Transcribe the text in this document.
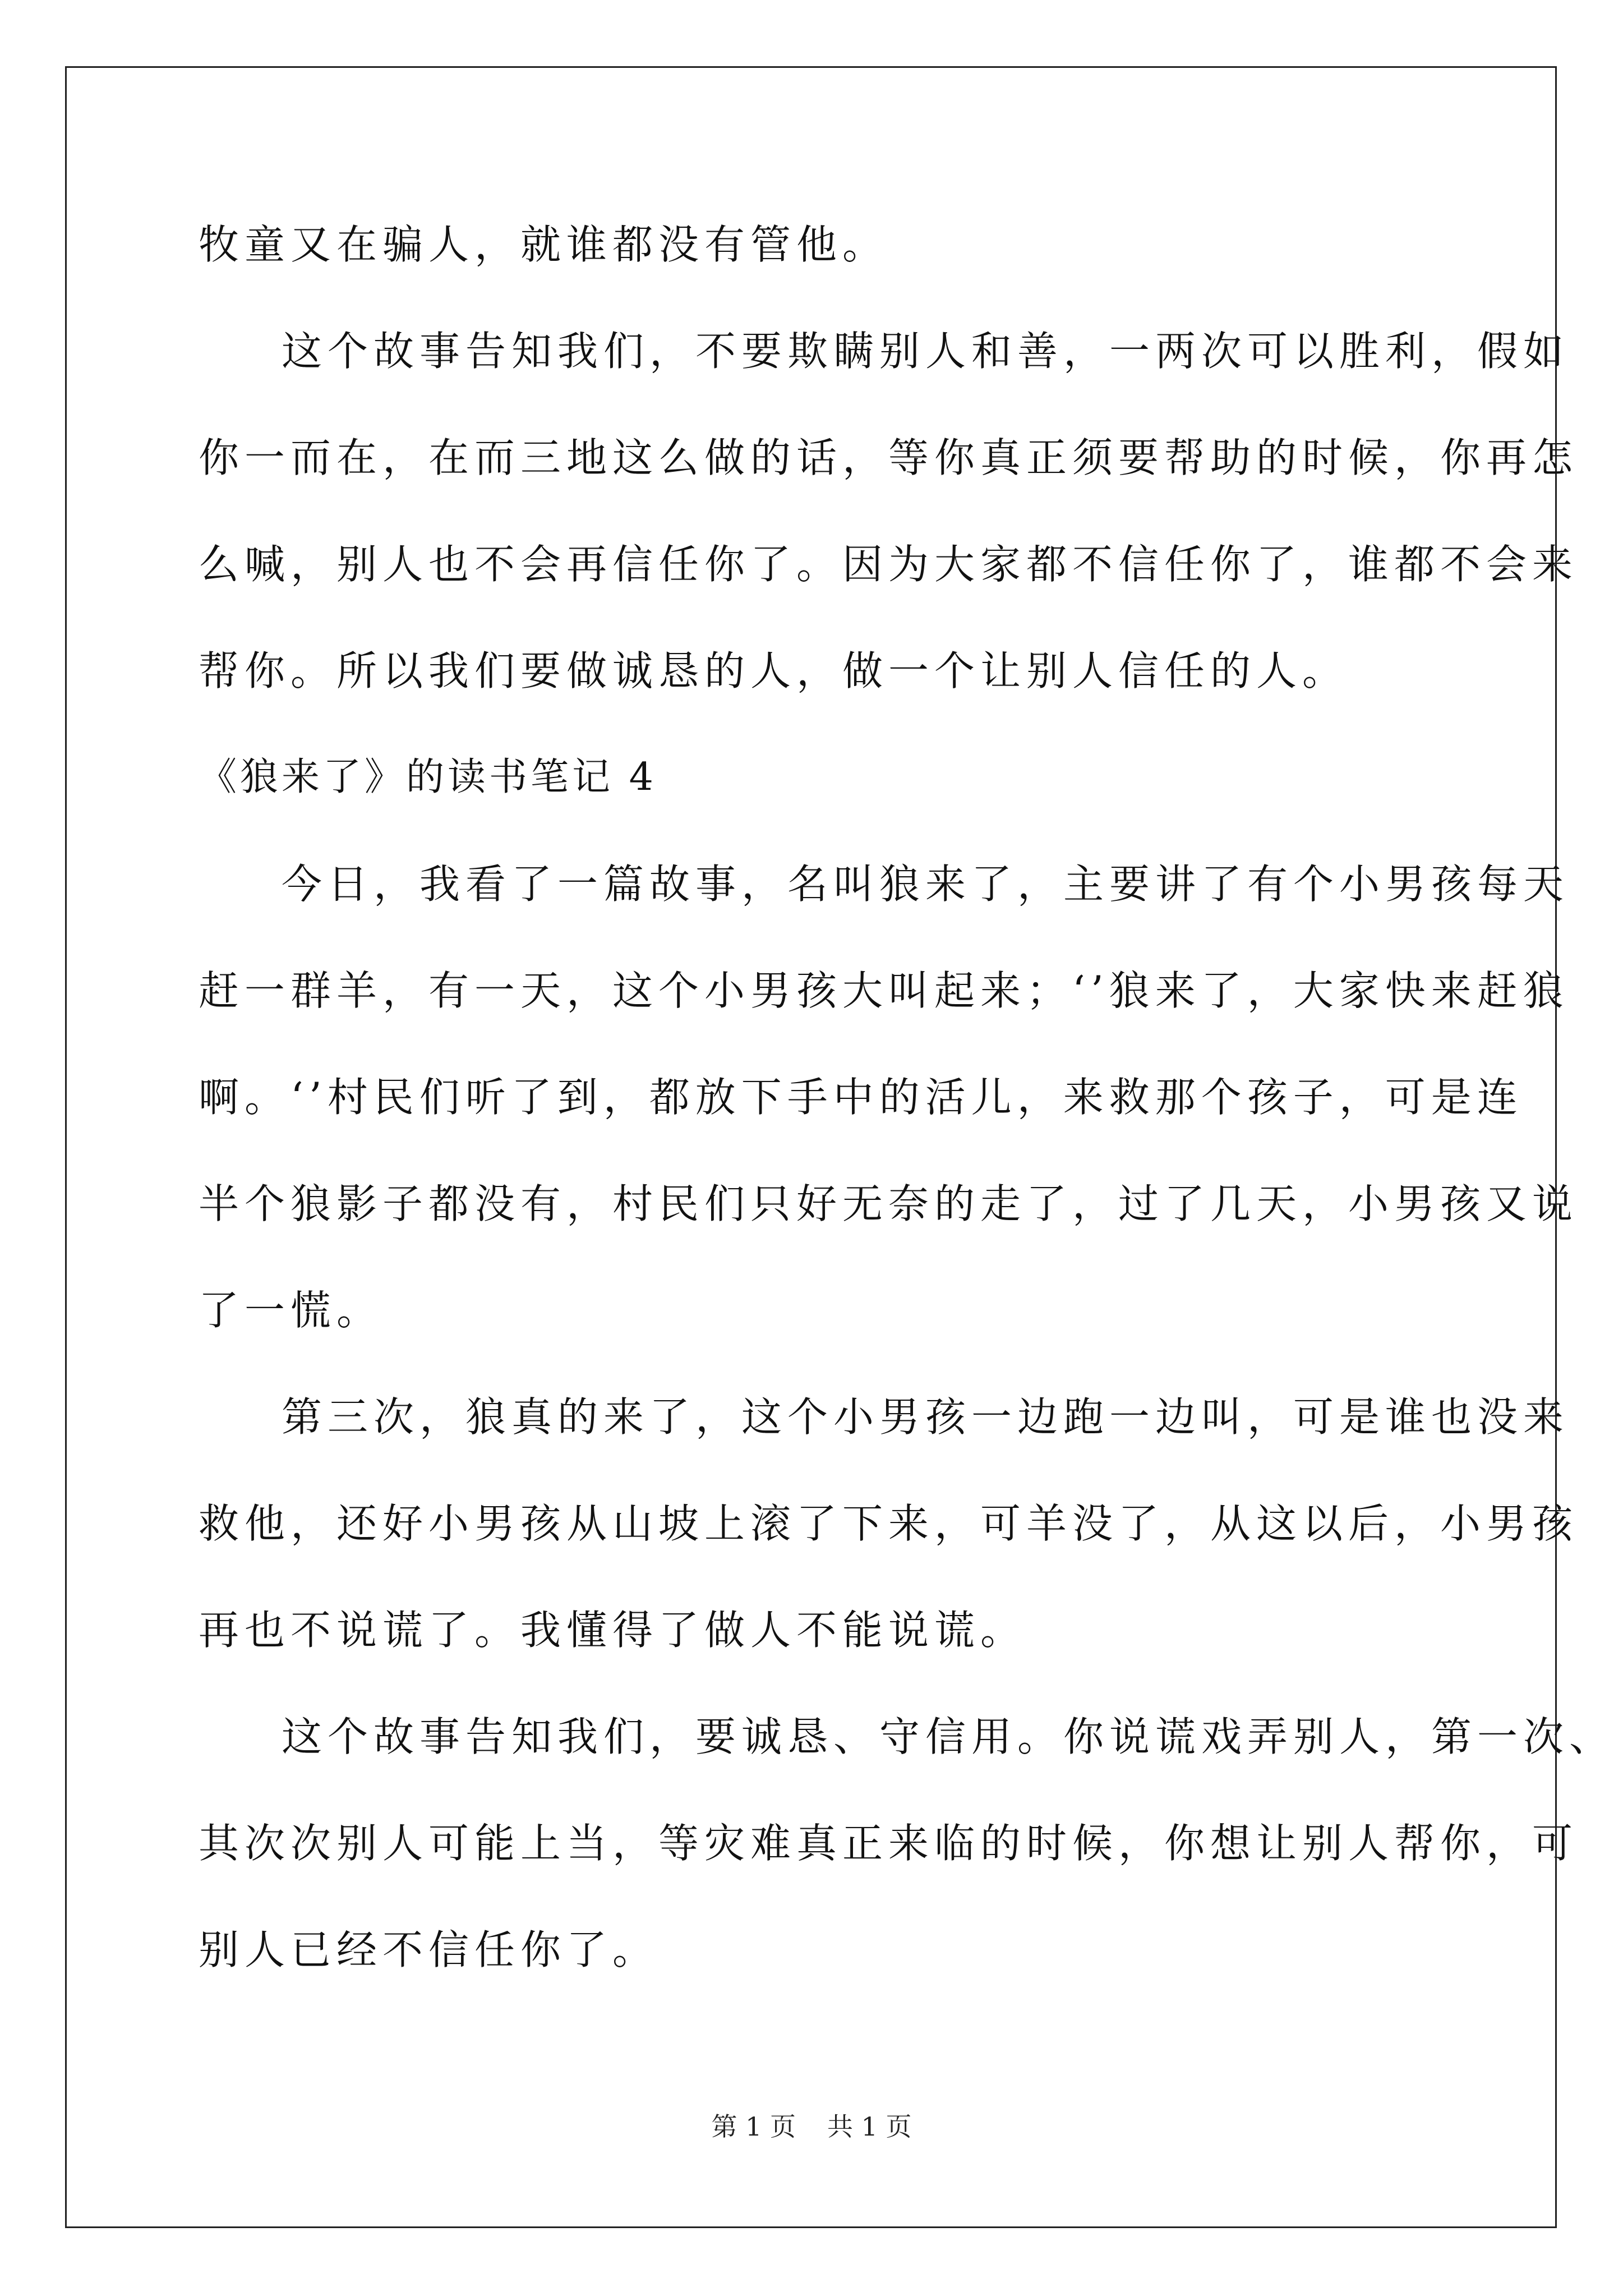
牧童又在骗人，就谁都没有管他。
这个故事告知我们，不要欺瞒别人和善，一两次可以胜利，假如
你一而在，在而三地这么做的话，等你真正须要帮助的时候，你再怎
么喊，别人也不会再信任你了。因为大家都不信任你了，谁都不会来
帮你。所以我们要做诚恳的人，做一个让别人信任的人。
《狼来了》的读书笔记 4
今日，我看了一篇故事，名叫狼来了，主要讲了有个小男孩每天
赶一群羊，有一天，这个小男孩大叫起来；‘’狼来了，大家快来赶狼
啊。‘’村民们听了到，都放下手中的活儿，来救那个孩子，可是连
半个狼影子都没有，村民们只好无奈的走了，过了几天，小男孩又说
了一慌。
第三次，狼真的来了，这个小男孩一边跑一边叫，可是谁也没来
救他，还好小男孩从山坡上滚了下来，可羊没了，从这以后，小男孩
再也不说谎了。我懂得了做人不能说谎。
这个故事告知我们，要诚恳、守信用。你说谎戏弄别人，第一次、
其次次别人可能上当，等灾难真正来临的时候，你想让别人帮你，可
别人已经不信任你了。
第 1 页 共 1 页
